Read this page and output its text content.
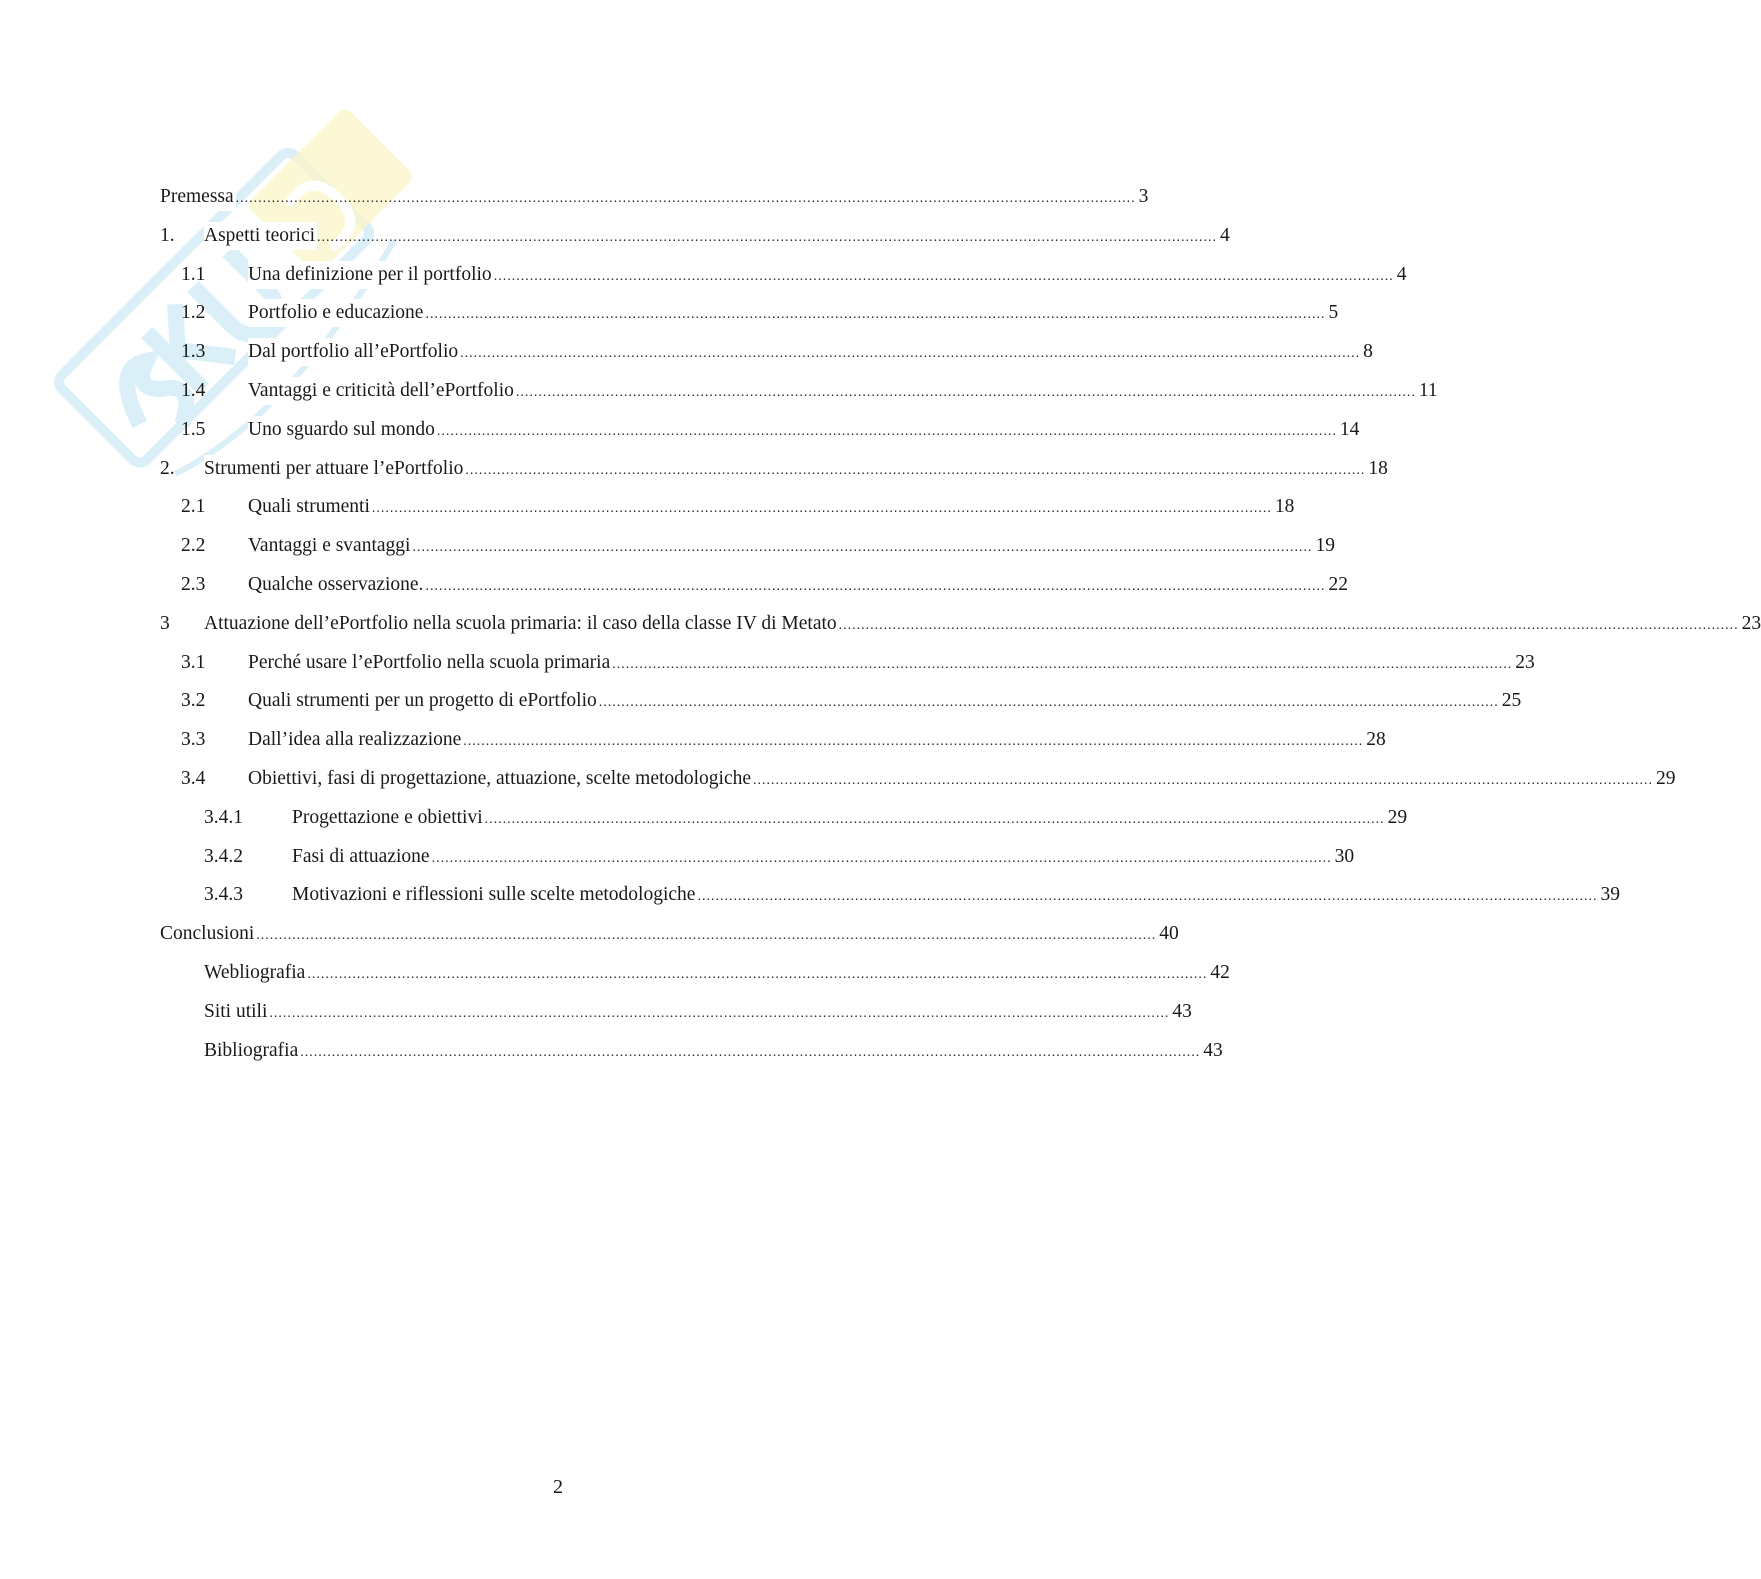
Premessa ........................................................................................................................................................................................................ 3
1.	Aspetti teorici ........................................................................................................................................................................................................ 4
1.1	Una definizione per il portfolio ........................................................................................................................................................................................................ 4
1.2	Portfolio e educazione ........................................................................................................................................................................................................ 5
1.3	Dal portfolio all’ePortfolio ........................................................................................................................................................................................................ 8
1.4	Vantaggi e criticità dell’ePortfolio ........................................................................................................................................................................................................ 11
1.5	Uno sguardo sul mondo ........................................................................................................................................................................................................ 14
2.	Strumenti per attuare l’ePortfolio ........................................................................................................................................................................................................ 18
2.1	Quali strumenti ........................................................................................................................................................................................................ 18
2.2	Vantaggi e svantaggi ........................................................................................................................................................................................................ 19
2.3	Qualche osservazione. ........................................................................................................................................................................................................ 22
3	Attuazione dell’ePortfolio nella scuola primaria: il caso della classe IV di Metato ........................................................................................................................................................................................................ 23
3.1	Perché usare l’ePortfolio nella scuola primaria ........................................................................................................................................................................................................ 23
3.2	Quali strumenti per un progetto di ePortfolio ........................................................................................................................................................................................................ 25
3.3	Dall’idea alla realizzazione ........................................................................................................................................................................................................ 28
3.4	Obiettivi, fasi di progettazione, attuazione, scelte metodologiche ........................................................................................................................................................................................................ 29
3.4.1	Progettazione e obiettivi ........................................................................................................................................................................................................ 29
3.4.2	Fasi di attuazione ........................................................................................................................................................................................................ 30
3.4.3	Motivazioni e riflessioni sulle scelte metodologiche ........................................................................................................................................................................................................ 39
Conclusioni ........................................................................................................................................................................................................ 40
Webliografia ........................................................................................................................................................................................................ 42
Siti utili ........................................................................................................................................................................................................ 43
Bibliografia ........................................................................................................................................................................................................ 43
2
